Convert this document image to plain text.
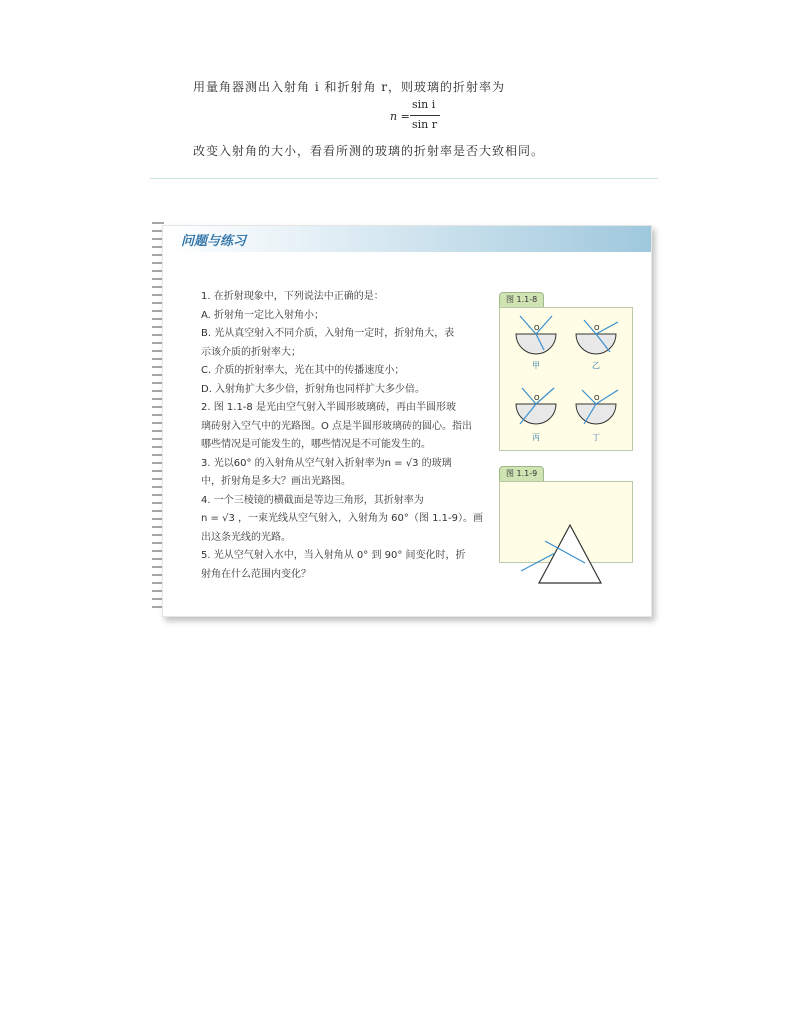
用量角器测出入射角 i 和折射角 r，则玻璃的折射率为
n =
sin i
sin r
改变入射角的大小，看看所测的玻璃的折射率是否大致相同。
问题与练习
1. 在折射现象中，下列说法中正确的是：
A. 折射角一定比入射角小；
B. 光从真空射入不同介质，入射角一定时，折射角大，表
示该介质的折射率大；
C. 介质的折射率大，光在其中的传播速度小；
D. 入射角扩大多少倍，折射角也同样扩大多少倍。
2. 图 1.1-8 是光由空气射入半圆形玻璃砖，再由半圆形玻
璃砖射入空气中的光路图。O 点是半圆形玻璃砖的圆心。指出
哪些情况是可能发生的，哪些情况是不可能发生的。
3. 光以60° 的入射角从空气射入折射率为n = √3 的玻璃
中，折射角是多大？画出光路图。
4. 一个三棱镜的横截面是等边三角形，其折射率为
n = √3 ，一束光线从空气射入，入射角为 60°（图 1.1-9）。画
出这条光线的光路。
5. 光从空气射入水中，当入射角从 0° 到 90° 间变化时，折
射角在什么范围内变化？
图 1.1-8
O	O
O	O
甲	乙
丙	丁
图 1.1-9
